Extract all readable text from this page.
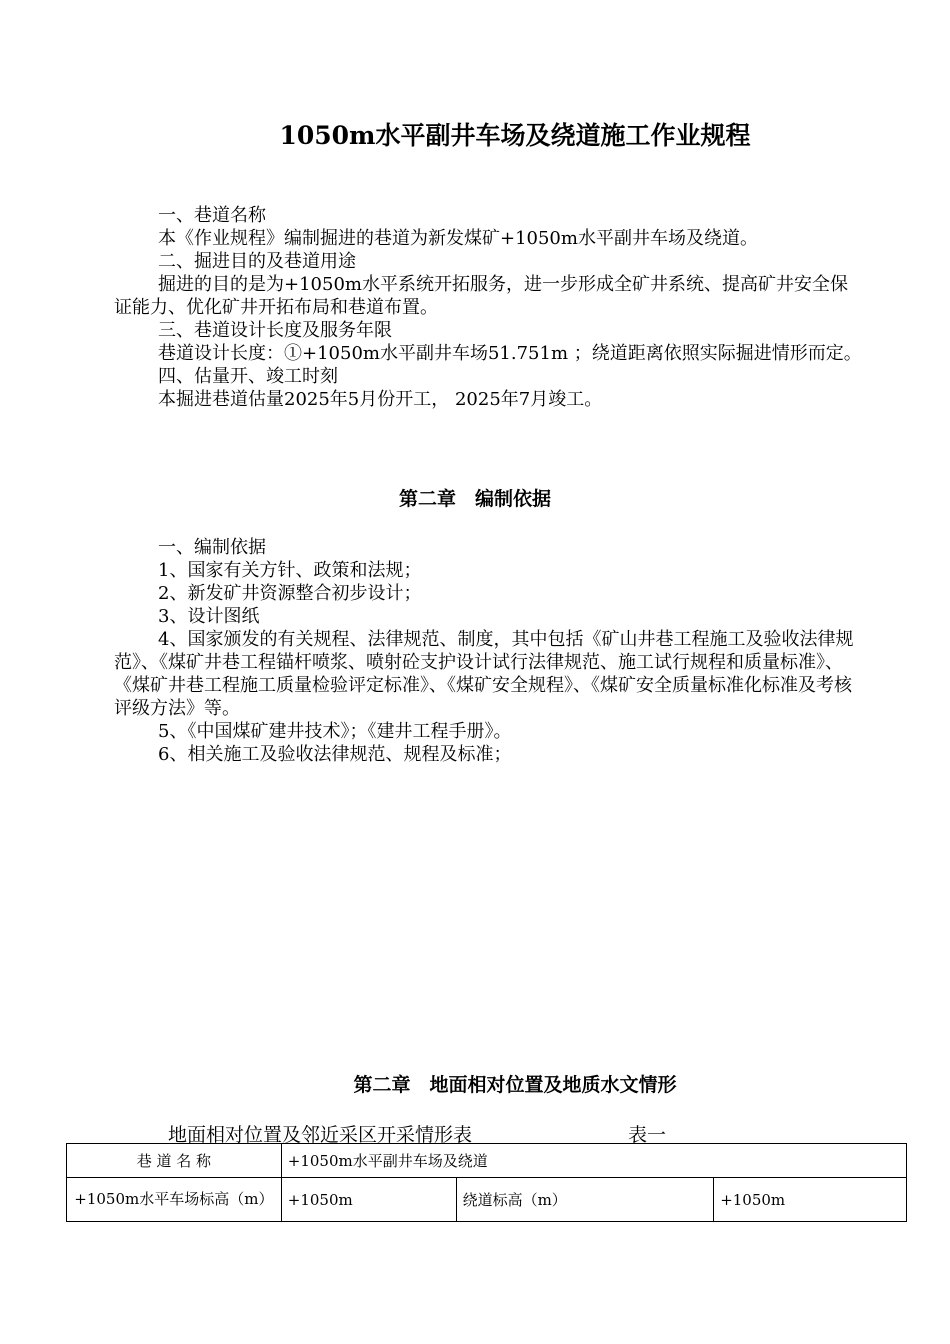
1050m水平副井车场及绕道施工作业规程

一、巷道名称

本《作业规程》编制掘进的巷道为新发煤矿+1050m水平副井车场及绕道。

二、掘进目的及巷道用途

掘进的目的是为+1050m水平系统开拓服务，进一步形成全矿井系统、提高矿井安全保证能力、优化矿井开拓布局和巷道布置。

三、巷道设计长度及服务年限

巷道设计长度：①+1050m水平副井车场51.751m ；绕道距离依照实际掘进情形而定。

四、估量开、竣工时刻

本掘进巷道估量2025年5月份开工， 2025年7月竣工。

第二章　编制依据

一、编制依据

1、国家有关方针、政策和法规；

2、新发矿井资源整合初步设计；

3、设计图纸

4、国家颁发的有关规程、法律规范、制度，其中包括《矿山井巷工程施工及验收法律规范》、《煤矿井巷工程锚杆喷浆、喷射砼支护设计试行法律规范、施工试行规程和质量标准》、《煤矿井巷工程施工质量检验评定标准》、《煤矿安全规程》、《煤矿安全质量标准化标准及考核评级方法》等。

5、《中国煤矿建井技术》；《建井工程手册》。

6、相关施工及验收法律规范、规程及标准；

第二章　地面相对位置及地质水文情形
地面相对位置及邻近采区开采情形表	表一
巷 道 名 称	+1050m水平副井车场及绕道		
+1050m水平车场标高（m）	+1050m	绕道标高（m）	+1050m
